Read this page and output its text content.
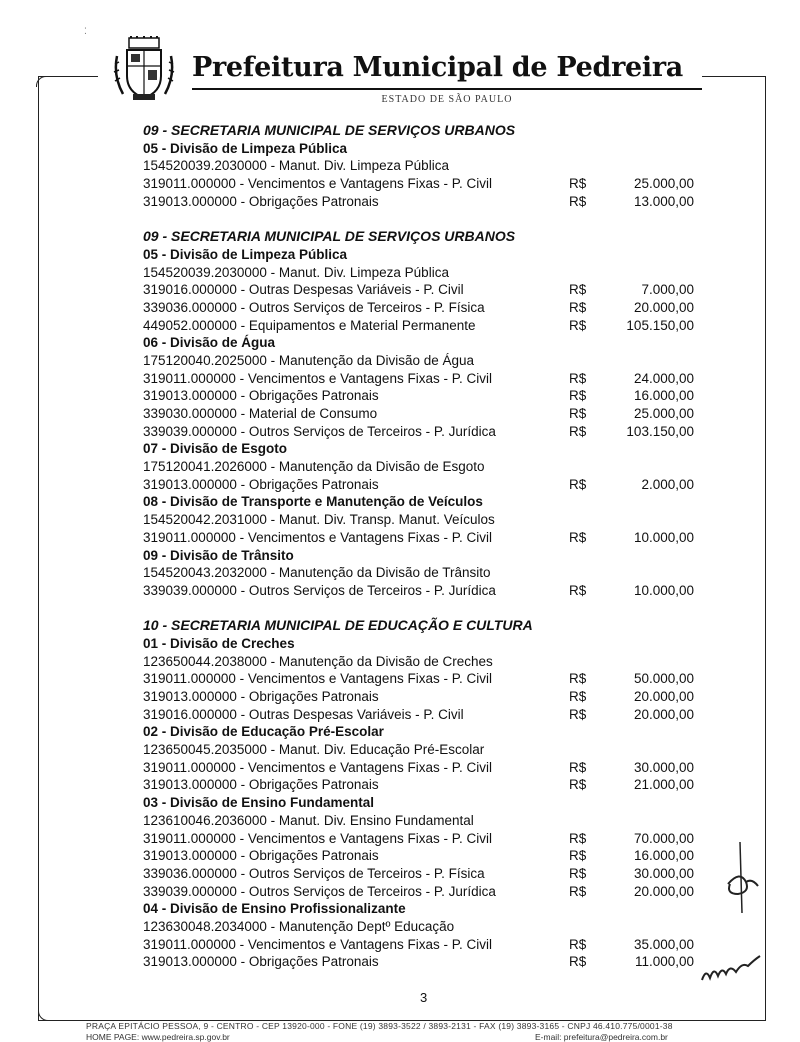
⁚
Prefeitura Municipal de Pedreira
ESTADO DE SÃO PAULO
09 - SECRETARIA MUNICIPAL DE SERVIÇOS URBANOS
05 - Divisão de Limpeza Pública
154520039.2030000 - Manut. Div. Limpeza Pública
319011.000000 - Vencimentos e Vantagens Fixas - P. Civil	R$	25.000,00
319013.000000 - Obrigações Patronais	R$	13.000,00
09 - SECRETARIA MUNICIPAL DE SERVIÇOS URBANOS
05 - Divisão de Limpeza Pública
154520039.2030000 - Manut. Div. Limpeza Pública
319016.000000 - Outras Despesas Variáveis - P. Civil	R$	7.000,00
339036.000000 - Outros Serviços de Terceiros - P. Física	R$	20.000,00
449052.000000 - Equipamentos e Material Permanente	R$	105.150,00
06 - Divisão de Água
175120040.2025000 - Manutenção da Divisão de Água
319011.000000 - Vencimentos e Vantagens Fixas - P. Civil	R$	24.000,00
319013.000000 - Obrigações Patronais	R$	16.000,00
339030.000000 - Material de Consumo	R$	25.000,00
339039.000000 - Outros Serviços de Terceiros - P. Jurídica	R$	103.150,00
07 - Divisão de Esgoto
175120041.2026000 - Manutenção da Divisão de Esgoto
319013.000000 - Obrigações Patronais	R$	2.000,00
08 - Divisão de Transporte e Manutenção de Veículos
154520042.2031000 - Manut. Div. Transp. Manut. Veículos
319011.000000 - Vencimentos e Vantagens Fixas - P. Civil	R$	10.000,00
09 - Divisão de Trânsito
154520043.2032000 - Manutenção da Divisão de Trânsito
339039.000000 - Outros Serviços de Terceiros - P. Jurídica	R$	10.000,00
10 - SECRETARIA MUNICIPAL DE EDUCAÇÃO E CULTURA
01 - Divisão de Creches
123650044.2038000 - Manutenção da Divisão de Creches
319011.000000 - Vencimentos e Vantagens Fixas - P. Civil	R$	50.000,00
319013.000000 - Obrigações Patronais	R$	20.000,00
319016.000000 - Outras Despesas Variáveis - P. Civil	R$	20.000,00
02 - Divisão de Educação Pré-Escolar
123650045.2035000 - Manut. Div. Educação Pré-Escolar
319011.000000 - Vencimentos e Vantagens Fixas - P. Civil	R$	30.000,00
319013.000000 - Obrigações Patronais	R$	21.000,00
03 - Divisão de Ensino Fundamental
123610046.2036000 - Manut. Div. Ensino Fundamental
319011.000000 - Vencimentos e Vantagens Fixas - P. Civil	R$	70.000,00
319013.000000 - Obrigações Patronais	R$	16.000,00
339036.000000 - Outros Serviços de Terceiros - P. Física	R$	30.000,00
339039.000000 - Outros Serviços de Terceiros - P. Jurídica	R$	20.000,00
04 - Divisão de Ensino Profissionalizante
123630048.2034000 - Manutenção Deptº Educação
319011.000000 - Vencimentos e Vantagens Fixas - P. Civil	R$	35.000,00
319013.000000 - Obrigações Patronais	R$	11.000,00
3
PRAÇA EPITÁCIO PESSOA, 9 - CENTRO - CEP 13920-000 - FONE (19) 3893-3522 / 3893-2131 - FAX (19) 3893-3165 - CNPJ 46.410.775/0001-38
HOME PAGE: www.pedreira.sp.gov.br	E-mail: prefeitura@pedreira.com.br
